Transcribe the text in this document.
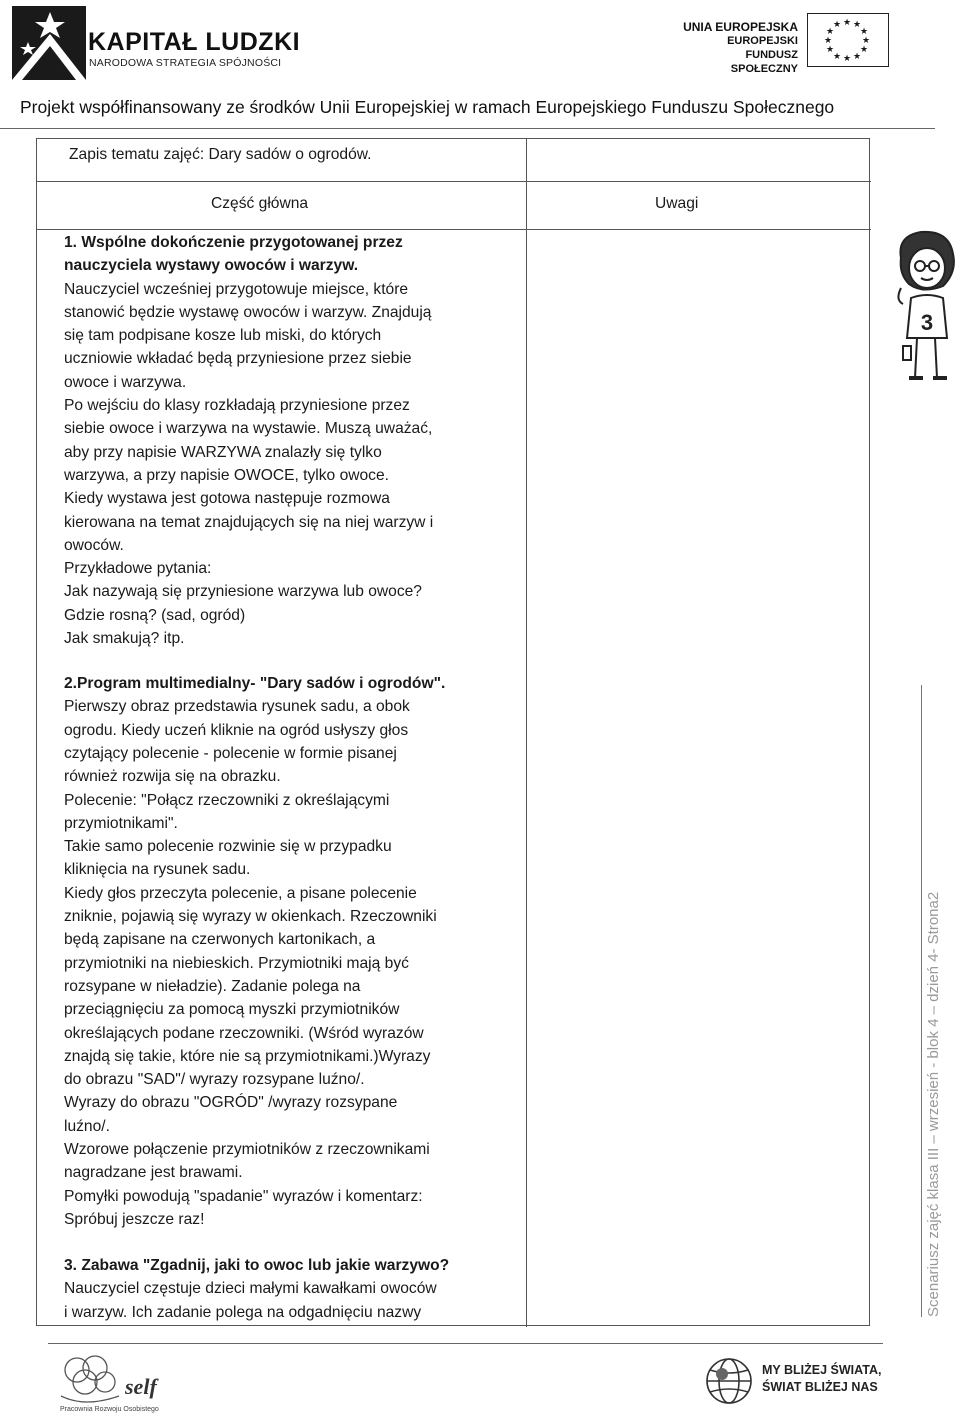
KAPITAŁ LUDZKI
NARODOWA STRATEGIA SPÓJNOŚCI
UNIA EUROPEJSKA
EUROPEJSKI
FUNDUSZ SPOŁECZNY
★ ★
★
★
★
★
★
★
★
★
★
★
Projekt współfinansowany ze środków Unii Europejskiej w ramach Europejskiego Funduszu Społecznego
Zapis tematu zajęć: Dary sadów o ogrodów.
Część główna	Uwagi
1. Wspólne dokończenie przygotowanej przez
nauczyciela wystawy owoców i warzyw.
Nauczyciel wcześniej przygotowuje miejsce, które
stanowić będzie wystawę owoców i warzyw. Znajdują
się tam podpisane kosze lub miski, do których
uczniowie wkładać będą przyniesione przez siebie
owoce i warzywa.
Po wejściu do klasy rozkładają przyniesione przez
siebie owoce i warzywa na wystawie. Muszą uważać,
aby przy napisie WARZYWA znalazły się tylko
warzywa, a przy napisie OWOCE, tylko owoce.
Kiedy wystawa jest gotowa następuje rozmowa
kierowana na temat znajdujących się na niej warzyw i
owoców.
Przykładowe pytania:
Jak nazywają się przyniesione warzywa lub owoce?
Gdzie rosną? (sad, ogród)
Jak smakują? itp.
2.Program multimedialny- "Dary sadów i ogrodów".
Pierwszy obraz przedstawia rysunek sadu, a obok
ogrodu. Kiedy uczeń kliknie na ogród usłyszy głos
czytający polecenie - polecenie w formie pisanej
również rozwija się na obrazku.
Polecenie: "Połącz rzeczowniki z określającymi
przymiotnikami".
Takie samo polecenie rozwinie się w przypadku
kliknięcia na rysunek sadu.
Kiedy głos przeczyta polecenie, a pisane polecenie
zniknie, pojawią się wyrazy w okienkach. Rzeczowniki
będą zapisane na czerwonych kartonikach, a
przymiotniki na niebieskich. Przymiotniki mają być
rozsypane w nieładzie). Zadanie polega na
przeciągnięciu za pomocą myszki przymiotników
określających podane rzeczowniki. (Wśród wyrazów
znajdą się takie, które nie są przymiotnikami.)Wyrazy
do obrazu "SAD"/ wyrazy rozsypane luźno/.
Wyrazy do obrazu "OGRÓD" /wyrazy rozsypane
luźno/.
Wzorowe połączenie przymiotników z rzeczownikami
nagradzane jest brawami.
Pomyłki powodują "spadanie" wyrazów i komentarz:
Spróbuj jeszcze raz!
3. Zabawa "Zgadnij, jaki to owoc lub jakie warzywo?
Nauczyciel częstuje dzieci małymi kawałkami owoców
i warzyw. Ich zadanie polega na odgadnięciu nazwy
3
Scenariusz zajęć klasa III – wrzesień - blok 4 – dzień 4- Strona2
self
Pracownia Rozwoju Osobistego
MY BLIŻEJ ŚWIATA,
ŚWIAT BLIŻEJ NAS
